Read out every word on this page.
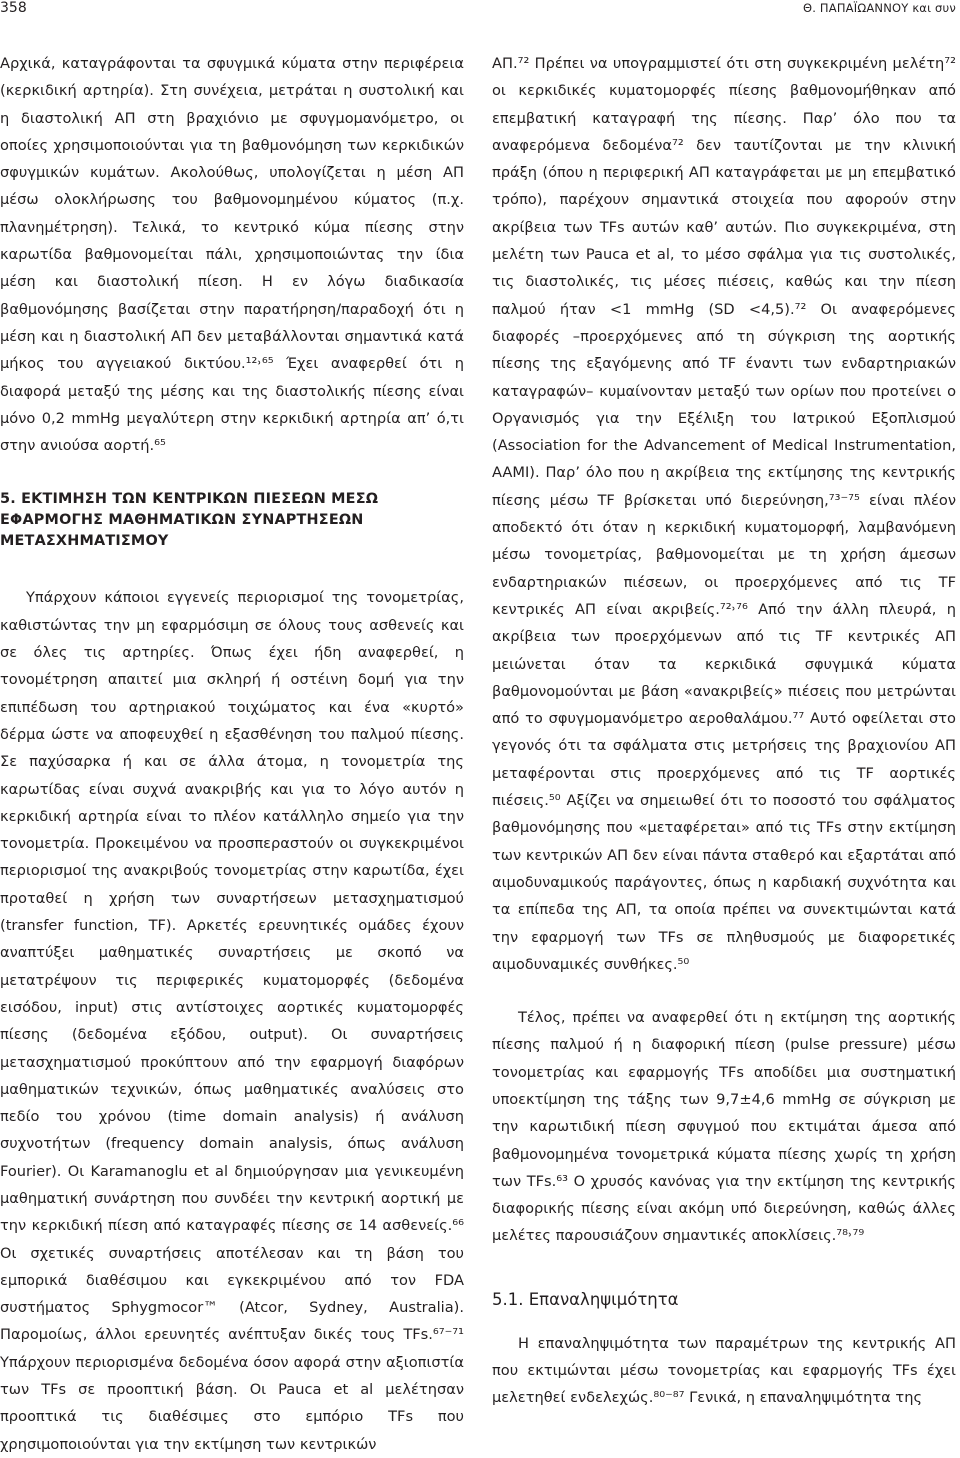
358	Θ. ΠΑΠΑΪΩΑΝΝΟΥ και συν

Αρχικά, καταγράφονται τα σφυγμικά κύματα στην περιφέρεια (κερκιδική αρτηρία). Στη συνέχεια, μετράται η συστολική και η διαστολική ΑΠ στη βραχιόνιο με σφυγμομανόμετρο, οι οποίες χρησιμοποιούνται για τη βαθμονόμηση των κερκιδικών σφυγμικών κυμάτων. Ακολούθως, υπολογίζεται η μέση ΑΠ μέσω ολοκλήρωσης του βαθμονομημένου κύματος (π.χ. πλανημέτρηση). Τελικά, το κεντρικό κύμα πίεσης στην καρωτίδα βαθμονομείται πάλι, χρησιμοποιώντας την ίδια μέση και διαστολική πίεση. Η εν λόγω διαδικασία βαθμονόμησης βασίζεται στην παρατήρηση/παραδοχή ότι η μέση και η διαστολική ΑΠ δεν μεταβάλλονται σημαντικά κατά μήκος του αγγειακού δικτύου.¹²˒⁶⁵ Έχει αναφερθεί ότι η διαφορά μεταξύ της μέσης και της διαστολικής πίεσης είναι μόνο 0,2 mmHg μεγαλύτερη στην κερκιδική αρτηρία απ’ ό,τι στην ανιούσα αορτή.⁶⁵

5. ΕΚΤΙΜΗΣΗ ΤΩΝ ΚΕΝΤΡΙΚΩΝ ΠΙΕΣΕΩΝ ΜΕΣΩ ΕΦΑΡΜΟΓΗΣ ΜΑΘΗΜΑΤΙΚΩΝ ΣΥΝΑΡΤΗΣΕΩΝ ΜΕΤΑΣΧΗΜΑΤΙΣΜΟΥ

Υπάρχουν κάποιοι εγγενείς περιορισμοί της τονομετρίας, καθιστώντας την μη εφαρμόσιμη σε όλους τους ασθενείς και σε όλες τις αρτηρίες. Όπως έχει ήδη αναφερθεί, η τονομέτρηση απαιτεί μια σκληρή ή οστέινη δομή για την επιπέδωση του αρτηριακού τοιχώματος και ένα «κυρτό» δέρμα ώστε να αποφευχθεί η εξασθένηση του παλμού πίεσης. Σε παχύσαρκα ή και σε άλλα άτομα, η τονομετρία της καρωτίδας είναι συχνά ανακριβής και για το λόγο αυτόν η κερκιδική αρτηρία είναι το πλέον κατάλληλο σημείο για την τονομετρία. Προκειμένου να προσπεραστούν οι συγκεκριμένοι περιορισμοί της ανακριβούς τονομετρίας στην καρωτίδα, έχει προταθεί η χρήση των συναρτήσεων μετασχηματισμού (transfer function, TF). Αρκετές ερευνητικές ομάδες έχουν αναπτύξει μαθηματικές συναρτήσεις με σκοπό να μετατρέψουν τις περιφερικές κυματομορφές (δεδομένα εισόδου, input) στις αντίστοιχες αορτικές κυματομορφές πίεσης (δεδομένα εξόδου, output). Οι συναρτήσεις μετασχηματισμού προκύπτουν από την εφαρμογή διαφόρων μαθηματικών τεχνικών, όπως μαθηματικές αναλύσεις στο πεδίο του χρόνου (time domain analysis) ή ανάλυση συχνοτήτων (frequency domain analysis, όπως ανάλυση Fourier). Οι Karamanoglu et al δημιούργησαν μια γενικευμένη μαθηματική συνάρτηση που συνδέει την κεντρική αορτική με την κερκιδική πίεση από καταγραφές πίεσης σε 14 ασθενείς.⁶⁶ Οι σχετικές συναρτήσεις αποτέλεσαν και τη βάση του εμπορικά διαθέσιμου και εγκεκριμένου από τον FDA συστήματος Sphygmocor™ (Atcor, Sydney, Australia). Παρομοίως, άλλοι ερευνητές ανέπτυξαν δικές τους TFs.⁶⁷⁻⁷¹ Υπάρχουν περιορισμένα δεδομένα όσον αφορά στην αξιοπιστία των TFs σε προοπτική βάση. Οι Pauca et al μελέτησαν προοπτικά τις διαθέσιμες στο εμπόριο TFs που χρησιμοποιούνται για την εκτίμηση των κεντρικών

ΑΠ.⁷² Πρέπει να υπογραμμιστεί ότι στη συγκεκριμένη μελέτη⁷² οι κερκιδικές κυματομορφές πίεσης βαθμονομήθηκαν από επεμβατική καταγραφή της πίεσης. Παρ’ όλο που τα αναφερόμενα δεδομένα⁷² δεν ταυτίζονται με την κλινική πράξη (όπου η περιφερική ΑΠ καταγράφεται με μη επεμβατικό τρόπο), παρέχουν σημαντικά στοιχεία που αφορούν στην ακρίβεια των TFs αυτών καθ’ αυτών. Πιο συγκεκριμένα, στη μελέτη των Pauca et al, το μέσο σφάλμα για τις συστολικές, τις διαστολικές, τις μέσες πιέσεις, καθώς και την πίεση παλμού ήταν <1 mmHg (SD <4,5).⁷² Οι αναφερόμενες διαφορές –προερχόμενες από τη σύγκριση της αορτικής πίεσης της εξαγόμενης από TF έναντι των ενδαρτηριακών καταγραφών– κυμαίνονταν μεταξύ των ορίων που προτείνει ο Οργανισμός για την Εξέλιξη του Ιατρικού Εξοπλισμού (Association for the Advancement of Medical Instrumentation, AAMI). Παρ’ όλο που η ακρίβεια της εκτίμησης της κεντρικής πίεσης μέσω TF βρίσκεται υπό διερεύνηση,⁷³⁻⁷⁵ είναι πλέον αποδεκτό ότι όταν η κερκιδική κυματομορφή, λαμβανόμενη μέσω τονομετρίας, βαθμονομείται με τη χρήση άμεσων ενδαρτηριακών πιέσεων, οι προερχόμενες από τις TF κεντρικές ΑΠ είναι ακριβείς.⁷²˒⁷⁶ Από την άλλη πλευρά, η ακρίβεια των προερχόμενων από τις TF κεντρικές ΑΠ μειώνεται όταν τα κερκιδικά σφυγμικά κύματα βαθμονομούνται με βάση «ανακριβείς» πιέσεις που μετρώνται από το σφυγμομανόμετρο αεροθαλάμου.⁷⁷ Αυτό οφείλεται στο γεγονός ότι τα σφάλματα στις μετρήσεις της βραχιονίου ΑΠ μεταφέρονται στις προερχόμενες από τις TF αορτικές πιέσεις.⁵⁰ Αξίζει να σημειωθεί ότι το ποσοστό του σφάλματος βαθμονόμησης που «μεταφέρεται» από τις TFs στην εκτίμηση των κεντρικών ΑΠ δεν είναι πάντα σταθερό και εξαρτάται από αιμοδυναμικούς παράγοντες, όπως η καρδιακή συχνότητα και τα επίπεδα της ΑΠ, τα οποία πρέπει να συνεκτιμώνται κατά την εφαρμογή των TFs σε πληθυσμούς με διαφορετικές αιμοδυναμικές συνθήκες.⁵⁰

Τέλος, πρέπει να αναφερθεί ότι η εκτίμηση της αορτικής πίεσης παλμού ή η διαφορική πίεση (pulse pressure) μέσω τονομετρίας και εφαρμογής TFs αποδίδει μια συστηματική υποεκτίμηση της τάξης των 9,7±4,6 mmHg σε σύγκριση με την καρωτιδική πίεση σφυγμού που εκτιμάται άμεσα από βαθμονομημένα τονομετρικά κύματα πίεσης χωρίς τη χρήση των TFs.⁶³ Ο χρυσός κανόνας για την εκτίμηση της κεντρικής διαφορικής πίεσης είναι ακόμη υπό διερεύνηση, καθώς άλλες μελέτες παρουσιάζουν σημαντικές αποκλίσεις.⁷⁸˒⁷⁹

5.1. Επαναληψιμότητα

Η επαναληψιμότητα των παραμέτρων της κεντρικής ΑΠ που εκτιμώνται μέσω τονομετρίας και εφαρμογής TFs έχει μελετηθεί ενδελεχώς.⁸⁰⁻⁸⁷ Γενικά, η επαναληψιμότητα της
